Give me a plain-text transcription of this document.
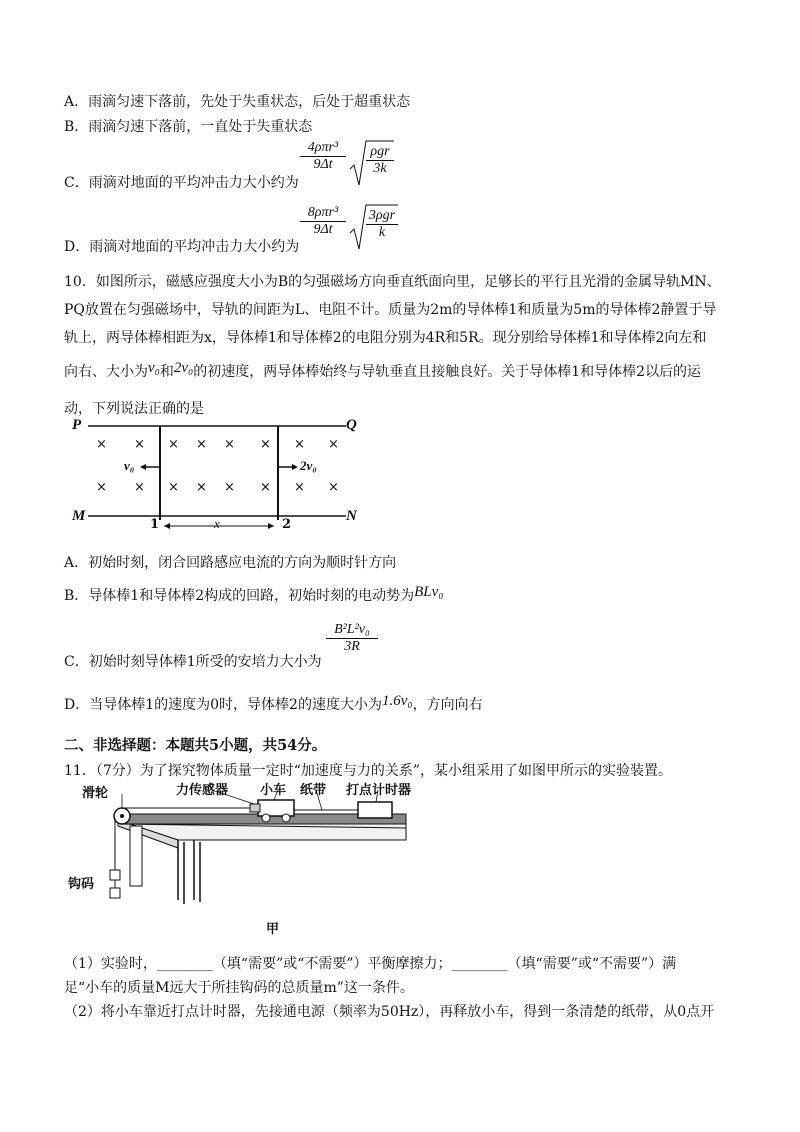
A．雨滴匀速下落前，先处于失重状态，后处于超重状态
B．雨滴匀速下落前，一直处于失重状态
C．雨滴对地面的平均冲击力大小约为
4ρπr³
9Δt
ρgr
3k
D．雨滴对地面的平均冲击力大小约为
8ρπr³
9Δt
3ρgr
k
10．如图所示，磁感应强度大小为B的匀强磁场方向垂直纸面向里，足够长的平行且光滑的金属导轨MN、
PQ放置在匀强磁场中，导轨的间距为L、电阻不计。质量为2m的导体棒1和质量为5m的导体棒2静置于导
轨上，两导体棒相距为x，导体棒1和导体棒2的电阻分别为4R和5R。现分别给导体棒1和导体棒2向左和
向右、大小为v₀和2v₀的初速度，两导体棒始终与导轨垂直且接触良好。关于导体棒1和导体棒2以后的运
动，下列说法正确的是
× × × × × × × ×
× × × × × × × ×
P	Q
M	N
v₀	2v₀
1	2
x
A．初始时刻，闭合回路感应电流的方向为顺时针方向
B．导体棒1和导体棒2构成的回路，初始时刻的电动势为BLv₀
C．初始时刻导体棒1所受的安培力大小为
$\frac{\text{B²L²v₀}}{3R}$
D．当导体棒1的速度为0时，导体棒2的速度大小为1.6v₀，方向向右
二、非选择题：本题共5小题，共54分。
11．（7分）为了探究物体质量一定时“加速度与力的关系”，某小组采用了如图甲所示的实验装置。
滑轮	力传感器 小车 纸带 打点计时器
钩码
甲
（1）实验时，________（填“需要”或“不需要”）平衡摩擦力；________（填“需要”或“不需要”）满
足“小车的质量M远大于所挂钩码的总质量m”这一条件。
（2）将小车靠近打点计时器，先接通电源（频率为50Hz），再释放小车，得到一条清楚的纸带，从0点开
